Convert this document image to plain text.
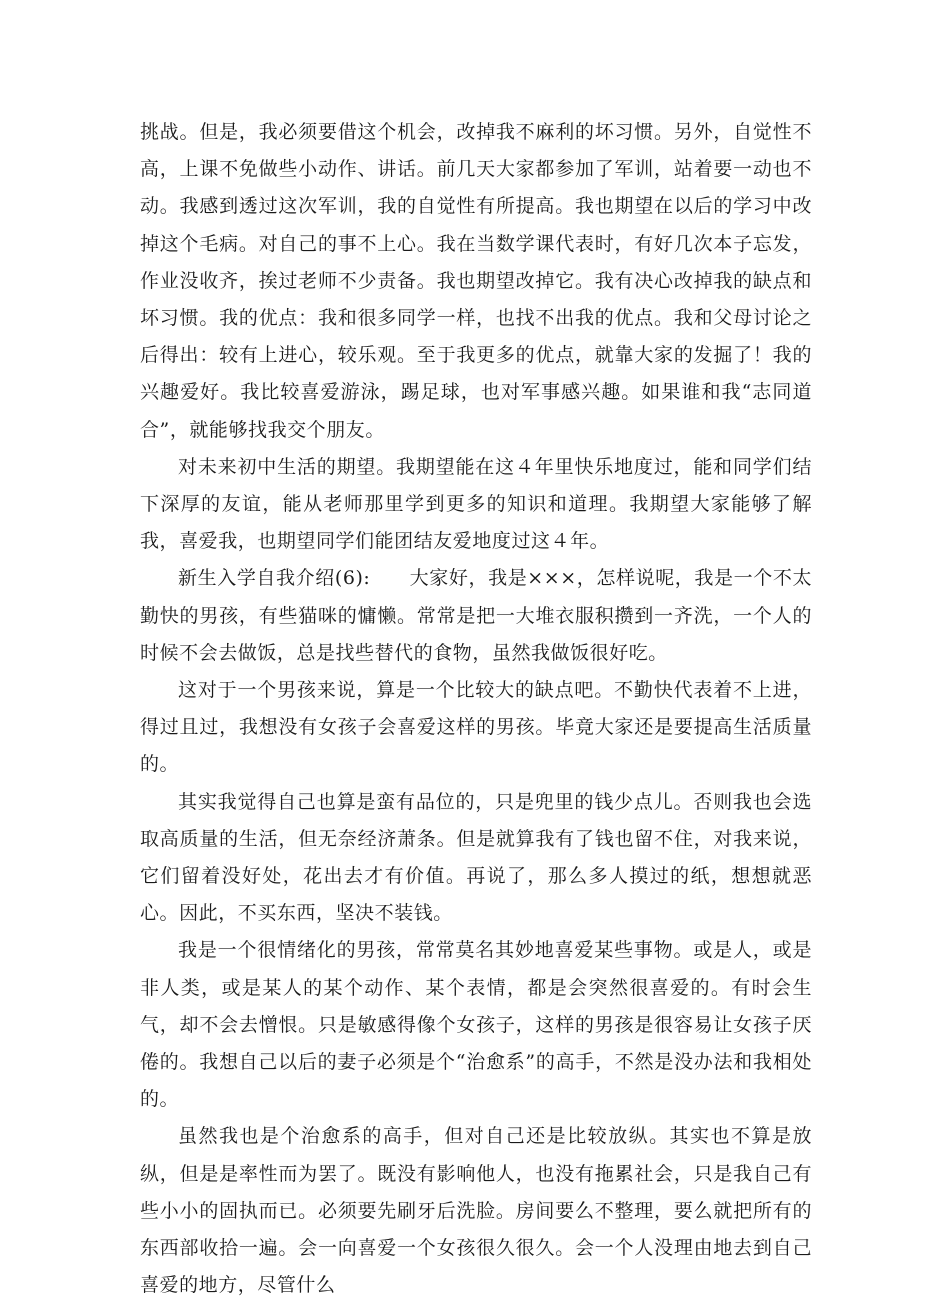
挑战。但是，我必须要借这个机会，改掉我不麻利的坏习惯。另外，自觉性不高，上课不免做些小动作、讲话。前几天大家都参加了军训，站着要一动也不动。我感到透过这次军训，我的自觉性有所提高。我也期望在以后的学习中改掉这个毛病。对自己的事不上心。我在当数学课代表时，有好几次本子忘发，作业没收齐，挨过老师不少责备。我也期望改掉它。我有决心改掉我的缺点和坏习惯。我的优点：我和很多同学一样，也找不出我的优点。我和父母讨论之后得出：较有上进心，较乐观。至于我更多的优点，就靠大家的发掘了！我的兴趣爱好。我比较喜爱游泳，踢足球，也对军事感兴趣。如果谁和我“志同道合”，就能够找我交个朋友。

对未来初中生活的期望。我期望能在这４年里快乐地度过，能和同学们结下深厚的友谊，能从老师那里学到更多的知识和道理。我期望大家能够了解我，喜爱我，也期望同学们能团结友爱地度过这４年。

新生入学自我介绍(6):　　大家好，我是×××，怎样说呢，我是一个不太勤快的男孩，有些猫咪的慵懒。常常是把一大堆衣服积攒到一齐洗，一个人的时候不会去做饭，总是找些替代的食物，虽然我做饭很好吃。

这对于一个男孩来说，算是一个比较大的缺点吧。不勤快代表着不上进，得过且过，我想没有女孩子会喜爱这样的男孩。毕竟大家还是要提高生活质量的。

其实我觉得自己也算是蛮有品位的，只是兜里的钱少点儿。否则我也会选取高质量的生活，但无奈经济萧条。但是就算我有了钱也留不住，对我来说，它们留着没好处，花出去才有价值。再说了，那么多人摸过的纸，想想就恶心。因此，不买东西，坚决不装钱。

我是一个很情绪化的男孩，常常莫名其妙地喜爱某些事物。或是人，或是非人类，或是某人的某个动作、某个表情，都是会突然很喜爱的。有时会生气，却不会去憎恨。只是敏感得像个女孩子，这样的男孩是很容易让女孩子厌倦的。我想自己以后的妻子必须是个“治愈系”的高手，不然是没办法和我相处的。

虽然我也是个治愈系的高手，但对自己还是比较放纵。其实也不算是放纵，但是是率性而为罢了。既没有影响他人，也没有拖累社会，只是我自己有些小小的固执而已。必须要先刷牙后洗脸。房间要么不整理，要么就把所有的东西部收拾一遍。会一向喜爱一个女孩很久很久。会一个人没理由地去到自己喜爱的地方，尽管什么
